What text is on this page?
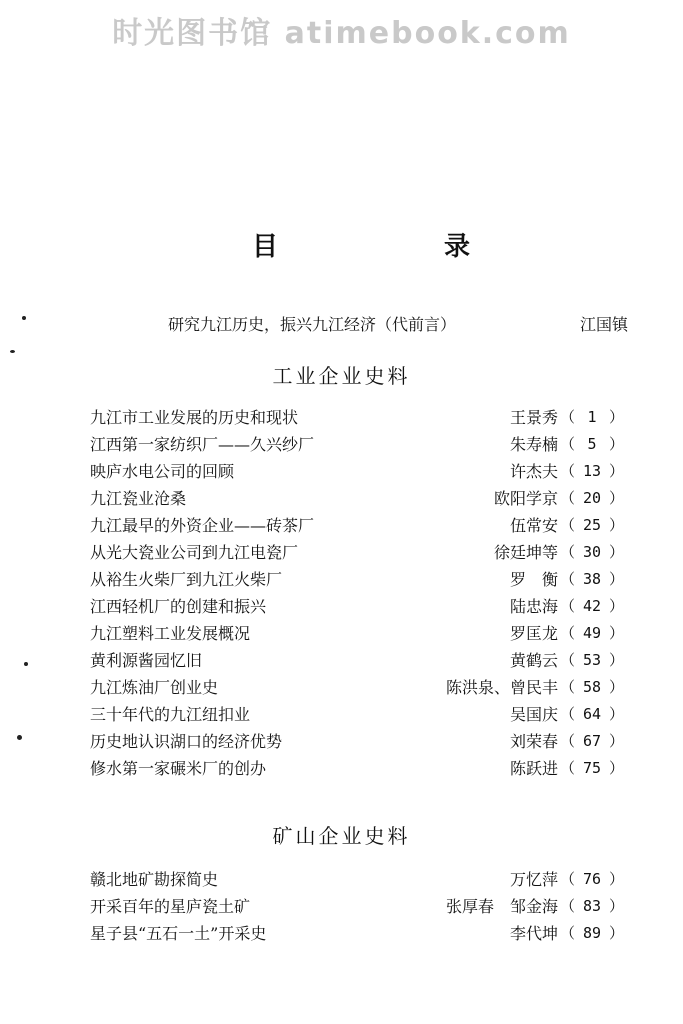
时光图书馆 atimebook.com
目	录
研究九江历史，振兴九江经济（代前言）	江国镇
工业企业史料
九江市工业发展的历史和现状	王景秀 （ 1 ）
江西第一家纺织厂——久兴纱厂	朱寿楠 （ 5 ）
映庐水电公司的回顾	许杰夫 （ 13 ）
九江瓷业沧桑	欧阳学京 （ 20 ）
九江最早的外资企业——砖茶厂	伍常安 （ 25 ）
从光大瓷业公司到九江电瓷厂	徐廷坤等 （ 30 ）
从裕生火柴厂到九江火柴厂	罗　衡 （ 38 ）
江西轻机厂的创建和振兴	陆忠海 （ 42 ）
九江塑料工业发展概况	罗匡龙 （ 49 ）
黄利源酱园忆旧	黄鹤云 （ 53 ）
九江炼油厂创业史	陈洪泉、曾民丰 （ 58 ）
三十年代的九江纽扣业	吴国庆 （ 64 ）
历史地认识湖口的经济优势	刘荣春 （ 67 ）
修水第一家碾米厂的创办	陈跃进 （ 75 ）
矿山企业史料
赣北地矿勘探简史	万忆萍 （ 76 ）
开采百年的星庐瓷土矿	张厚春　邹金海 （ 83 ）
星子县“五石一土”开采史	李代坤 （ 89 ）
